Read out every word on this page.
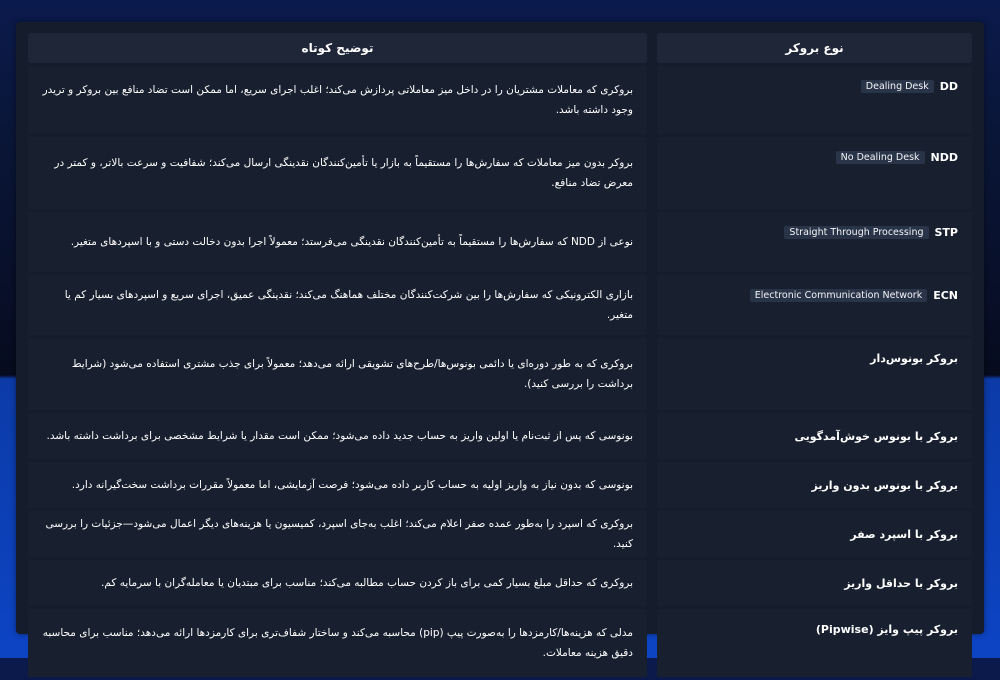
نوع بروکر		توضیح کوتاه

DD
Dealing Desk		بروکری که معاملات مشتریان را در داخل میز معاملاتی پردازش می‌کند؛ اغلب اجرای سریع، اما ممکن است تضاد منافع بین بروکر و تریدر وجود داشته باشد.

NDD
No Dealing Desk		بروکر بدون میز معاملات که سفارش‌ها را مستقیماً به بازار یا تأمین‌کنندگان نقدینگی ارسال می‌کند؛ شفافیت و سرعت بالاتر، و کمتر در معرض تضاد منافع.

STP
Straight Through Processing		نوعی از NDD که سفارش‌ها را مستقیماً به تأمین‌کنندگان نقدینگی می‌فرستد؛ معمولاً اجرا بدون دخالت دستی و با اسپردهای متغیر.

ECN
Electronic Communication Network		بازاری الکترونیکی که سفارش‌ها را بین شرکت‌کنندگان مختلف هماهنگ می‌کند؛ نقدینگی عمیق، اجرای سریع و اسپردهای بسیار کم یا متغیر.
بروکر بونوس‌دار		بروکری که به طور دوره‌ای یا دائمی بونوس‌ها/طرح‌های تشویقی ارائه می‌دهد؛ معمولاً برای جذب مشتری استفاده می‌شود (شرایط برداشت را بررسی کنید).
بروکر با بونوس خوش‌آمدگویی		بونوسی که پس از ثبت‌نام یا اولین واریز به حساب جدید داده می‌شود؛ ممکن است مقدار یا شرایط مشخصی برای برداشت داشته باشد.
بروکر با بونوس بدون واریز		بونوسی که بدون نیاز به واریز اولیه به حساب کاربر داده می‌شود؛ فرصت آزمایشی، اما معمولاً مقررات برداشت سخت‌گیرانه دارد.
بروکر با اسپرد صفر		بروکری که اسپرد را به‌طور عمده صفر اعلام می‌کند؛ اغلب به‌جای اسپرد، کمیسیون یا هزینه‌های دیگر اعمال می‌شود—جزئیات را بررسی کنید.
بروکر با حداقل واریز		بروکری که حداقل مبلغ بسیار کمی برای باز کردن حساب مطالبه می‌کند؛ مناسب برای مبتدیان یا معامله‌گران با سرمایه کم.
بروکر پیپ وایز (Pipwise)		مدلی که هزینه‌ها/کارمزدها را به‌صورت پیپ (pip) محاسبه می‌کند و ساختار شفاف‌تری برای کارمزدها ارائه می‌دهد؛ مناسب برای محاسبه دقیق هزینه معاملات.
